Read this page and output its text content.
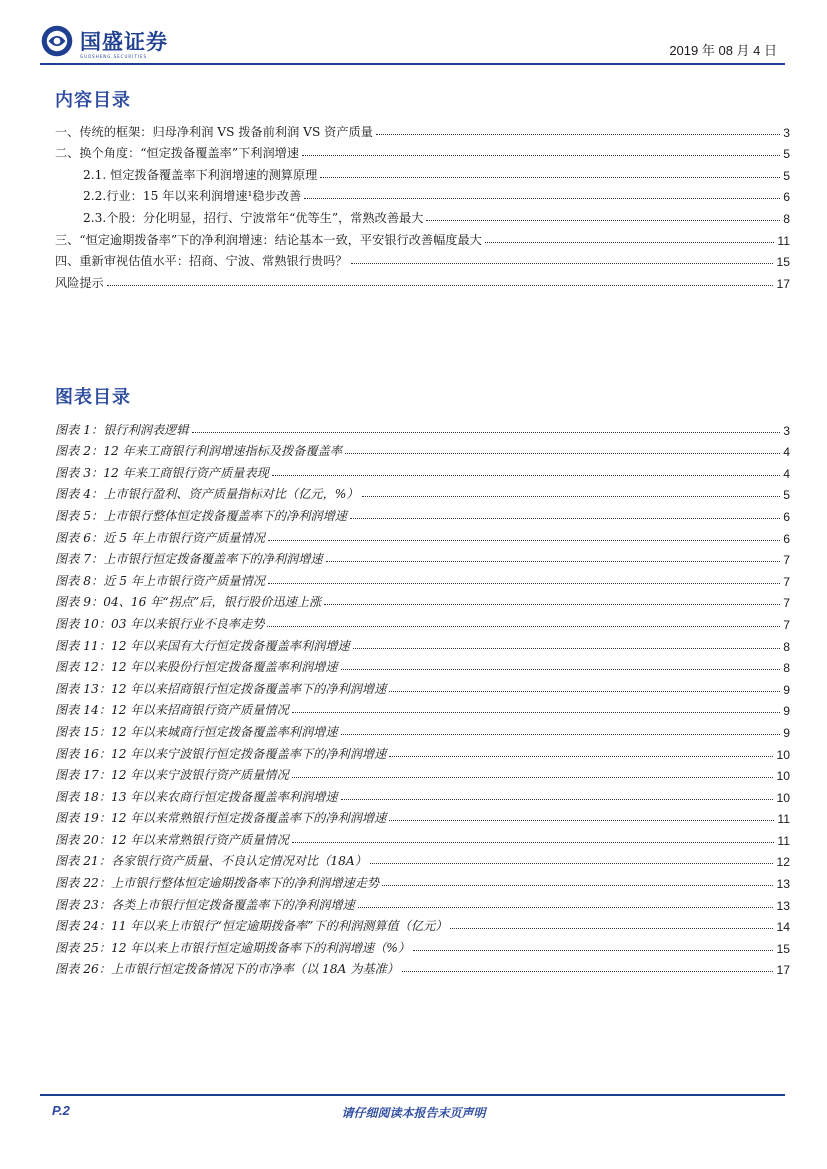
国盛证券
GUOSHENG SECURITIES	2019 年 08 月 4 日
内容目录
一、传统的框架：归母净利润 VS 拨备前利润 VS 资产质量	3
二、换个角度：“恒定拨备覆盖率”下利润增速	5
2.1. 恒定拨备覆盖率下利润增速的测算原理	5
2.2.行业：15 年以来利润增速¹稳步改善	6
2.3.个股：分化明显，招行、宁波常年“优等生”，常熟改善最大	8
三、“恒定逾期拨备率”下的净利润增速：结论基本一致，平安银行改善幅度最大	11
四、重新审视估值水平：招商、宁波、常熟银行贵吗？	15
风险提示	17
图表目录
图表 1：银行利润表逻辑	3
图表 2：12 年来工商银行利润增速指标及拨备覆盖率	4
图表 3：12 年来工商银行资产质量表现	4
图表 4：上市银行盈利、资产质量指标对比（亿元，%）	5
图表 5：上市银行整体恒定拨备覆盖率下的净利润增速	6
图表 6：近 5 年上市银行资产质量情况	6
图表 7：上市银行恒定拨备覆盖率下的净利润增速	7
图表 8：近 5 年上市银行资产质量情况	7
图表 9：04、16 年“拐点”后，银行股价迅速上涨	7
图表 10：03 年以来银行业不良率走势	7
图表 11：12 年以来国有大行恒定拨备覆盖率利润增速	8
图表 12：12 年以来股份行恒定拨备覆盖率利润增速	8
图表 13：12 年以来招商银行恒定拨备覆盖率下的净利润增速	9
图表 14：12 年以来招商银行资产质量情况	9
图表 15：12 年以来城商行恒定拨备覆盖率利润增速	9
图表 16：12 年以来宁波银行恒定拨备覆盖率下的净利润增速	10
图表 17：12 年以来宁波银行资产质量情况	10
图表 18：13 年以来农商行恒定拨备覆盖率利润增速	10
图表 19：12 年以来常熟银行恒定拨备覆盖率下的净利润增速	11
图表 20：12 年以来常熟银行资产质量情况	11
图表 21：各家银行资产质量、不良认定情况对比（18A）	12
图表 22：上市银行整体恒定逾期拨备率下的净利润增速走势	13
图表 23：各类上市银行恒定拨备覆盖率下的净利润增速	13
图表 24：11 年以来上市银行“恒定逾期拨备率”下的利润测算值（亿元）	14
图表 25：12 年以来上市银行恒定逾期拨备率下的利润增速（%）	15
图表 26：上市银行恒定拨备情况下的市净率（以 18A 为基准）	17
P.2	请仔细阅读本报告末页声明
